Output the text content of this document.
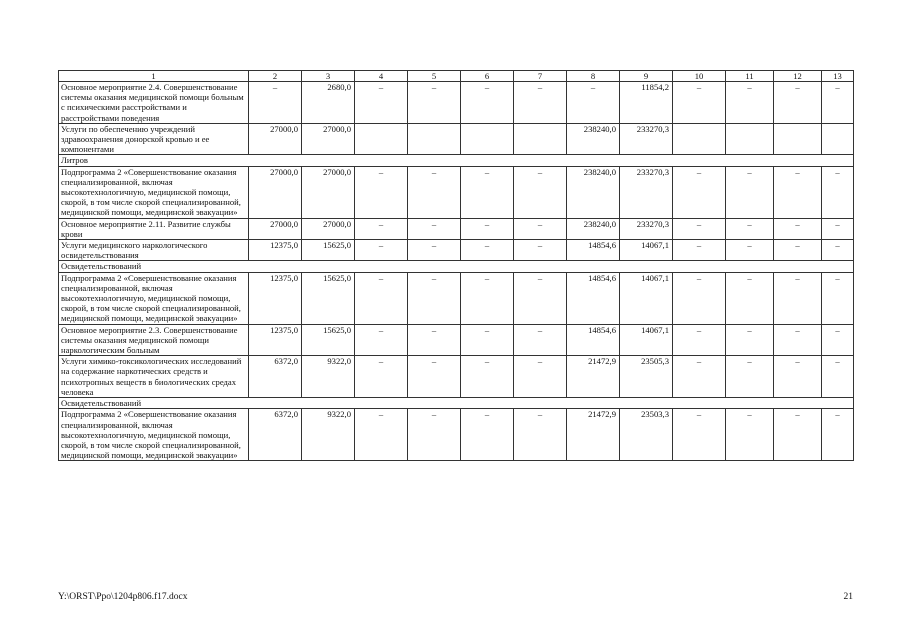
1	2	3	4	5	6	7	8	9	10	11	12	13
Основное мероприятие 2.4. Совершенствование системы оказания медицинской помощи больным с психическими расстройствами и расстройствами поведения	–	2680,0	–	–	–	–	–	11854,2	–	–	–	–
Услуги по обеспечению учреждений здравоохранения донорской кровью и ее компонентами	27000,0	27000,0					238240,0	233270,3				
Литров												
Подпрограмма 2 «Совершенствование оказания специализированной, включая высокотехнологичную, медицинской помощи, скорой, в том числе скорой специализированной, медицинской помощи, медицинской эвакуации»	27000,0	27000,0	–	–	–	–	238240,0	233270,3	–	–	–	–
Основное мероприятие 2.11. Развитие службы крови	27000,0	27000,0	–	–	–	–	238240,0	233270,3	–	–	–	–
Услуги медицинского наркологического освидетельствования	12375,0	15625,0	–	–	–	–	14854,6	14067,1	–	–	–	–
Освидетельствований												
Подпрограмма 2 «Совершенствование оказания специализированной, включая высокотехнологичную, медицинской помощи, скорой, в том числе скорой специализированной, медицинской помощи, медицинской эвакуации»	12375,0	15625,0	–	–	–	–	14854,6	14067,1	–	–	–	–
Основное мероприятие 2.3. Совершенствование системы оказания медицинской помощи наркологическим больным	12375,0	15625,0	–	–	–	–	14854,6	14067,1	–	–	–	–
Услуги химико-токсикологических исследований на содержание наркотических средств и психотропных веществ в биологических средах человека	6372,0	9322,0	–	–	–	–	21472,9	23505,3	–	–	–	–
Освидетельствований												
Подпрограмма 2 «Совершенствование оказания специализированной, включая высокотехнологичную, медицинской помощи, скорой, в том числе скорой специализированной, медицинской помощи, медицинской эвакуации»	6372,0	9322,0	–	–	–	–	21472,9	23503,3	–	–	–	–
Y:\ORST\Ppo\1204p806.f17.docx	21
